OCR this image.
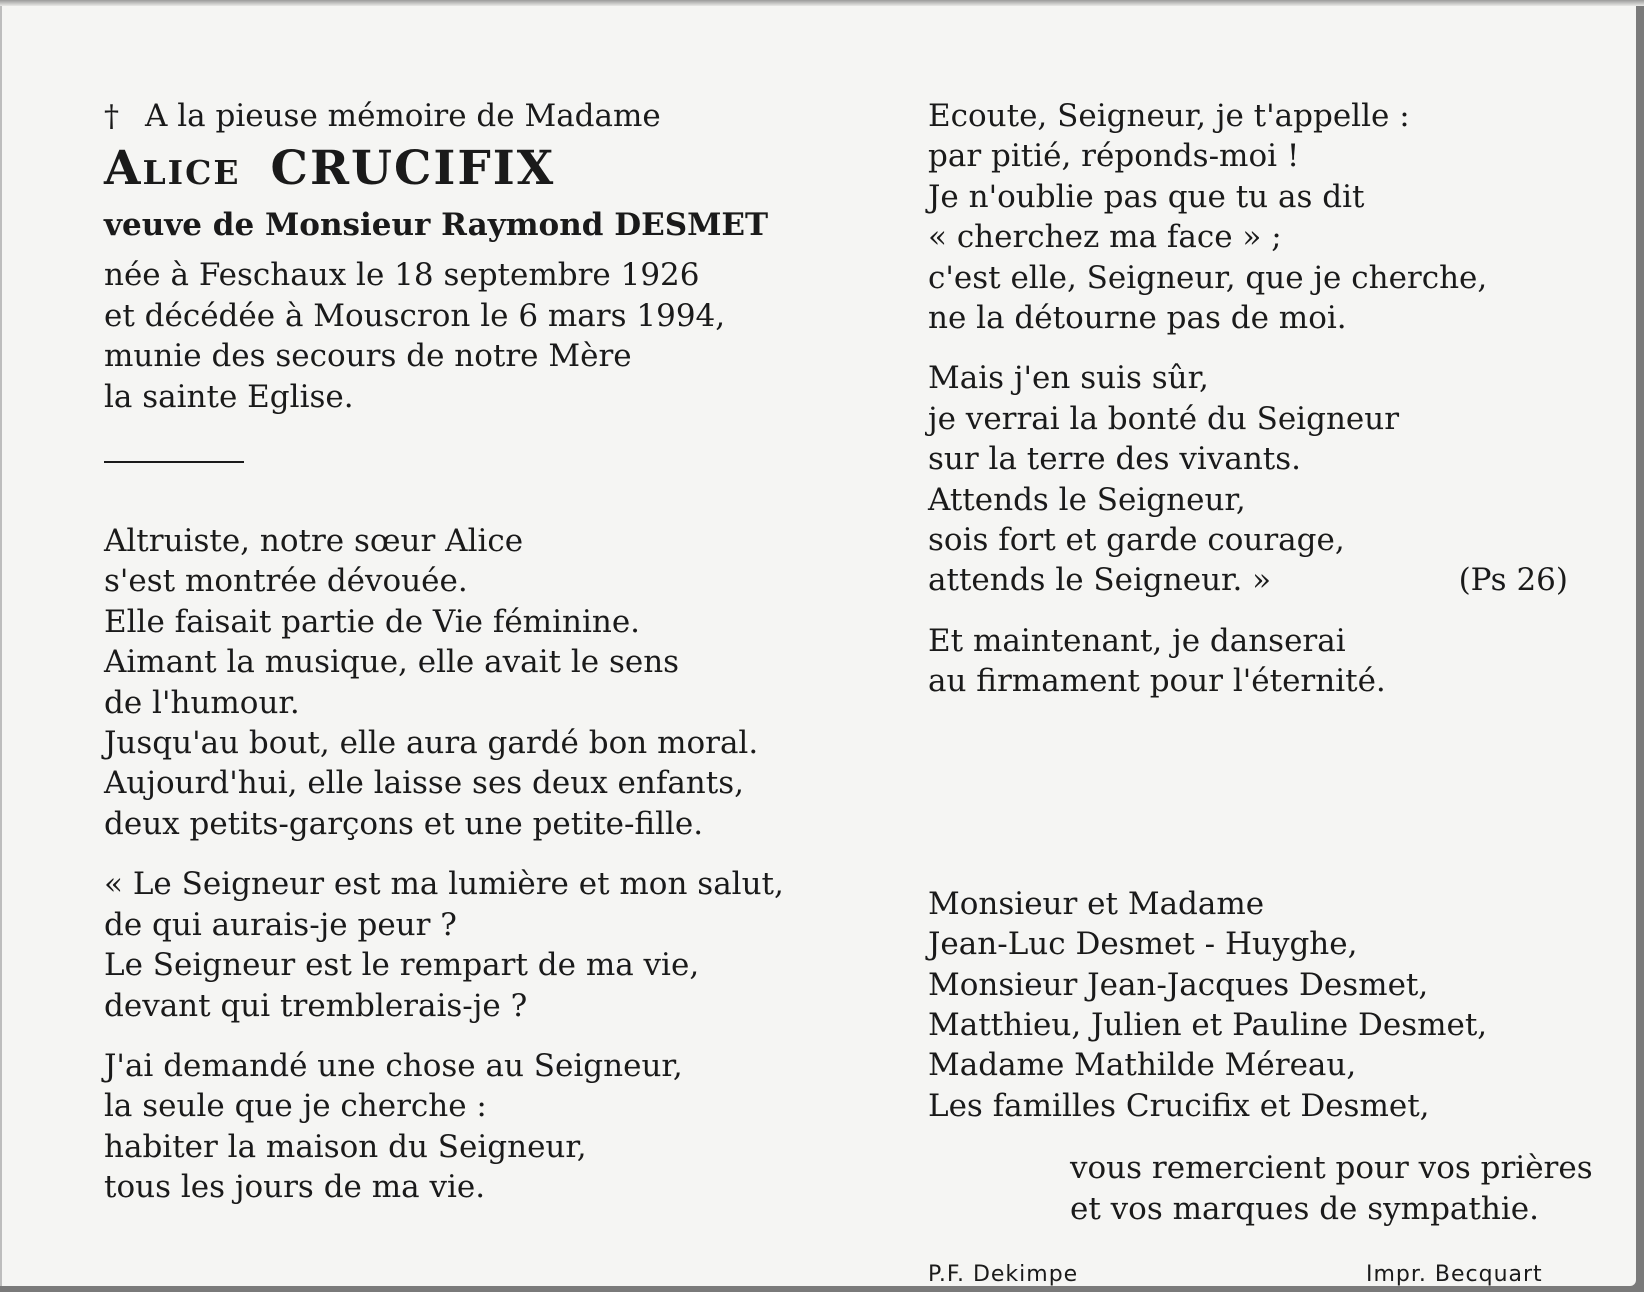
† A la pieuse mémoire de Madame
Alice CRUCIFIX
veuve de Monsieur Raymond DESMET

née à Feschaux le 18 septembre 1926

et décédée à Mouscron le 6 mars 1994,

munie des secours de notre Mère

la sainte Eglise.

Altruiste, notre sœur Alice

s'est montrée dévouée.

Elle faisait partie de Vie féminine.

Aimant la musique, elle avait le sens

de l'humour.

Jusqu'au bout, elle aura gardé bon moral.

Aujourd'hui, elle laisse ses deux enfants,

deux petits-garçons et une petite-fille.

« Le Seigneur est ma lumière et mon salut,

de qui aurais-je peur ?

Le Seigneur est le rempart de ma vie,

devant qui tremblerais-je ?

J'ai demandé une chose au Seigneur,

la seule que je cherche :

habiter la maison du Seigneur,

tous les jours de ma vie.

Ecoute, Seigneur, je t'appelle :

par pitié, réponds-moi !

Je n'oublie pas que tu as dit

« cherchez ma face » ;

c'est elle, Seigneur, que je cherche,

ne la détourne pas de moi.

Mais j'en suis sûr,

je verrai la bonté du Seigneur

sur la terre des vivants.

Attends le Seigneur,

sois fort et garde courage,

attends le Seigneur. »	(Ps 26)

Et maintenant, je danserai

au firmament pour l'éternité.

Monsieur et Madame

Jean-Luc Desmet - Huyghe,

Monsieur Jean-Jacques Desmet,

Matthieu, Julien et Pauline Desmet,

Madame Mathilde Méreau,

Les familles Crucifix et Desmet,

vous remercient pour vos prières

et vos marques de sympathie.

P.F. Dekimpe	Impr. Becquart
